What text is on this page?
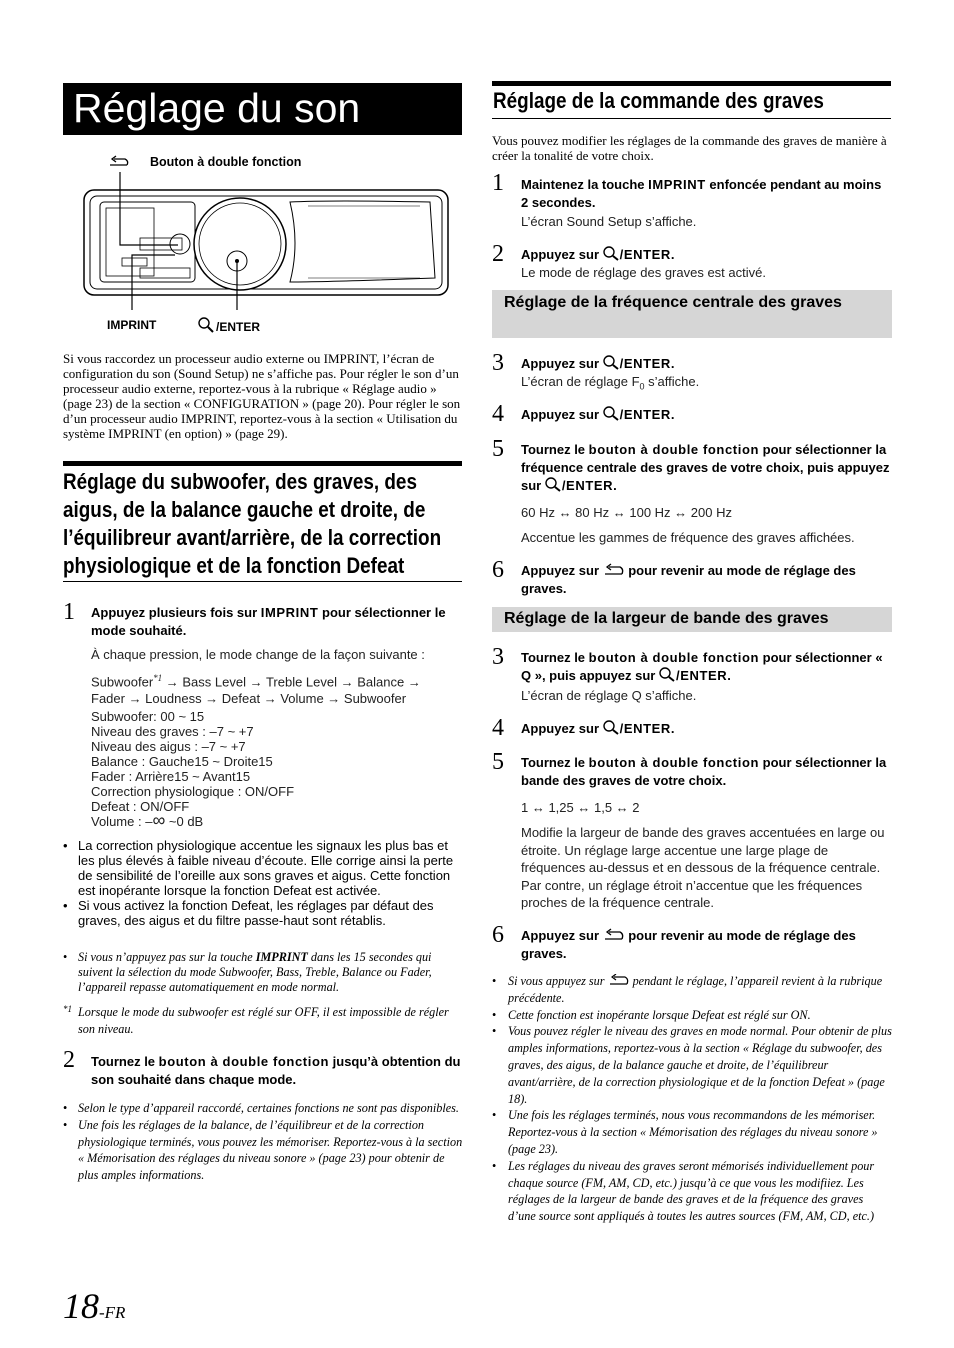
Réglage du son
Bouton à double fonction
IMPRINT	/ENTER

Si vous raccordez un processeur audio externe ou IMPRINT, l’écran de configuration du son (Sound Setup) ne s’affiche pas. Pour régler le son d’un processeur audio externe, reportez-vous à la rubrique « Réglage audio » (page 23) de la section « CONFIGURATION » (page 20). Pour régler le son d’un processeur audio IMPRINT, reportez-vous à la section « Utilisation du système IMPRINT (en option) » (page 29).

Réglage du subwoofer, des graves, des
aigus, de la balance gauche et droite, de
l’équilibreur avant/arrière, de la correction
physiologique et de la fonction Defeat
1 Appuyez plusieurs fois sur IMPRINT pour sélectionner le mode souhaité.

À chaque pression, le mode change de la façon suivante :

Subwoofer$^{*1}$ → Bass Level → Treble Level → Balance →
Fader → Loudness → Defeat → Volume → Subwoofer
Subwoofer: 00 ~ 15
Niveau des graves : –7 ~ +7
Niveau des aigus : –7 ~ +7
Balance : Gauche15 ~ Droite15
Fader : Arrière15 ~ Avant15
Correction physiologique : ON/OFF
Defeat : ON/OFF
Volume : –∞ ~0 dB
• La correction physiologique accentue les signaux les plus bas et les plus élevés à faible niveau d’écoute. Elle corrige ainsi la perte de sensibilité de l’oreille aux sons graves et aigus. Cette fonction est inopérante lorsque la fonction Defeat est activée.
• Si vous activez la fonction Defeat, les réglages par défaut des graves, des aigus et du filtre passe-haut sont rétablis.
• Si vous n’appuyez pas sur la touche IMPRINT dans les 15 secondes qui suivent la sélection du mode Subwoofer, Bass, Treble, Balance ou Fader, l’appareil repasse automatiquement en mode normal.
*1 Lorsque le mode du subwoofer est réglé sur OFF, il est impossible de régler son niveau.
2 Tournez le bouton à double fonction jusqu’à obtention du son souhaité dans chaque mode.

• Selon le type d’appareil raccordé, certaines fonctions ne sont pas disponibles.
• Une fois les réglages de la balance, de l’équilibreur et de la correction physiologique terminés, vous pouvez les mémoriser. Reportez-vous à la section « Mémorisation des réglages du niveau sonore » (page 23) pour obtenir de plus amples informations.
18-FR
Réglage de la commande des graves

Vous pouvez modifier les réglages de la commande des graves de manière à créer la tonalité de votre choix.

1 Maintenez la touche IMPRINT enfoncée pendant au moins 2 secondes.

L’écran Sound Setup s’affiche.

2 Appuyez sur /ENTER.

Le mode de réglage des graves est activé.

Réglage de la fréquence centrale des graves

3 Appuyez sur /ENTER.

L’écran de réglage $F_0$ s’affiche.

4 Appuyez sur /ENTER.

5 Tournez le bouton à double fonction pour sélectionner la fréquence centrale des graves de votre choix, puis appuyez sur /ENTER.

60 Hz ↔ 80 Hz ↔ 100 Hz ↔ 200 Hz

Accentue les gammes de fréquence des graves affichées.

6 Appuyez sur  pour revenir au mode de réglage des graves.

Réglage de la largeur de bande des graves

3 Tournez le bouton à double fonction pour sélectionner « Q », puis appuyez sur /ENTER.

L’écran de réglage Q s’affiche.

4 Appuyez sur /ENTER.

5 Tournez le bouton à double fonction pour sélectionner la bande des graves de votre choix.

1 ↔ 1,25 ↔ 1,5 ↔ 2

Modifie la largeur de bande des graves accentuées en large ou étroite. Un réglage large accentue une large plage de fréquences au-dessus et en dessous de la fréquence centrale. Par contre, un réglage étroit n’accentue que les fréquences proches de la fréquence centrale.

6 Appuyez sur  pour revenir au mode de réglage des graves.

• Si vous appuyez sur  pendant le réglage, l’appareil revient à la rubrique précédente.
• Cette fonction est inopérante lorsque Defeat est réglé sur ON.
• Vous pouvez régler le niveau des graves en mode normal. Pour obtenir de plus amples informations, reportez-vous à la section « Réglage du subwoofer, des graves, des aigus, de la balance gauche et droite, de l’équilibreur avant/arrière, de la correction physiologique et de la fonction Defeat » (page 18).
• Une fois les réglages terminés, nous vous recommandons de les mémoriser. Reportez-vous à la section « Mémorisation des réglages du niveau sonore » (page 23).
• Les réglages du niveau des graves seront mémorisés individuellement pour chaque source (FM, AM, CD, etc.) jusqu’à ce que vous les modifiiez. Les réglages de la largeur de bande des graves et de la fréquence des graves d’une source sont appliqués à toutes les autres sources (FM, AM, CD, etc.)
